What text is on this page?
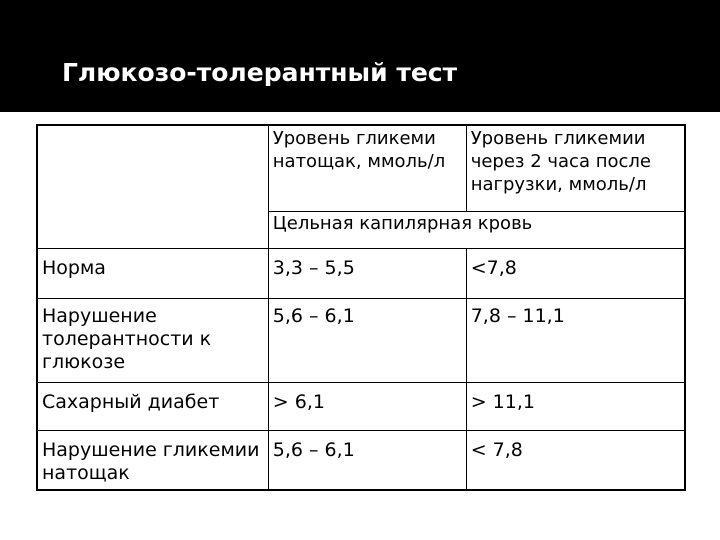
Глюкозо-толерантный тест
	Уровень гликеми натощак, ммоль/л	Уровень гликемии через 2 часа после нагрузки, ммоль/л
	Цельная капилярная кровь	
Норма	3,3 – 5,5	<7,8
Нарушение толерантности к глюкозе	5,6 – 6,1	7,8 – 11,1
Сахарный диабет	> 6,1	> 11,1
Нарушение гликемии натощак	5,6 – 6,1	< 7,8
